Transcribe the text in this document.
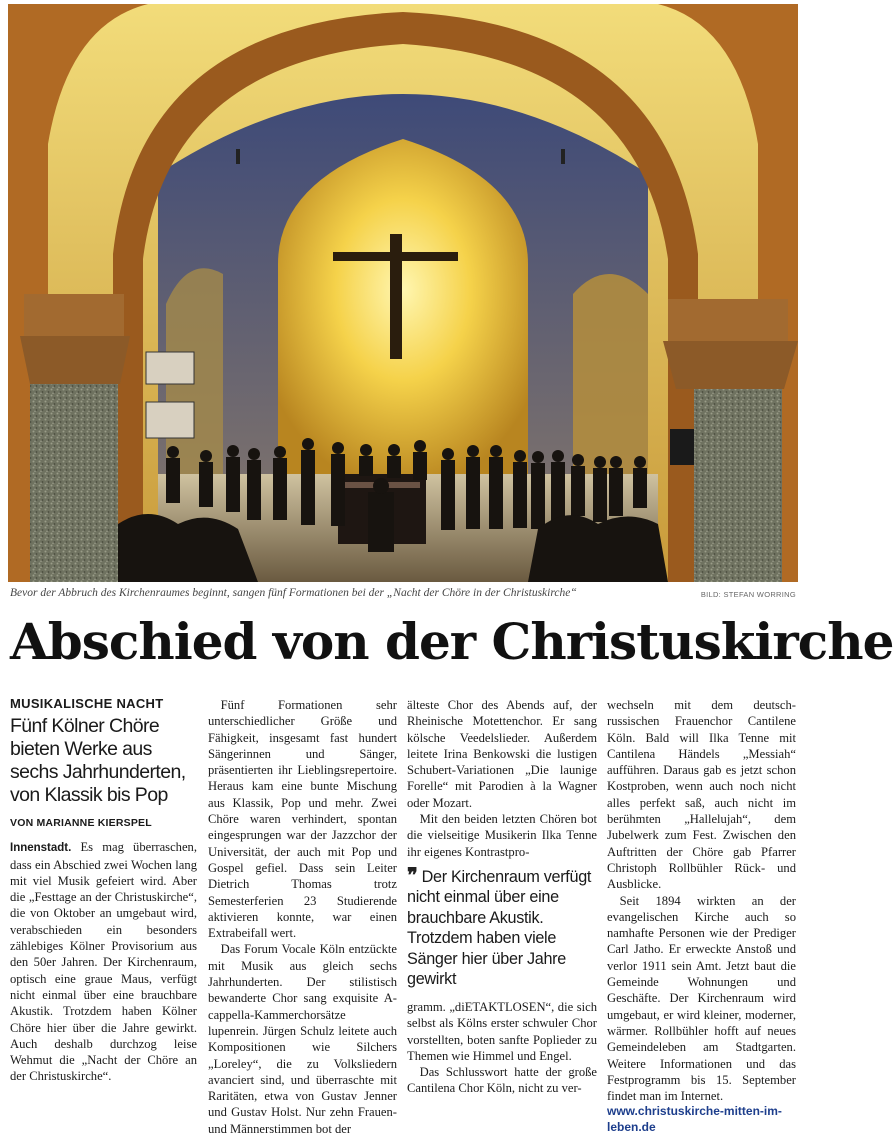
Bevor der Abbruch des Kirchenraumes beginnt, sangen fünf Formationen bei der „Nacht der Chöre in der Christuskirche“	BILD: STEFAN WORRING
Abschied von der Christuskirche
MUSIKALISCHE NACHT
Fünf Kölner Chöre bieten Werke aus sechs Jahrhunderten, von Klassik bis Pop
VON MARIANNE KIERSPEL

Innenstadt. Es mag überraschen, dass ein Abschied zwei Wochen lang mit viel Musik gefeiert wird. Aber die „Festtage an der Christuskirche“, die von Oktober an umgebaut wird, verabschieden ein besonders zählebiges Kölner Provisorium aus den 50er Jahren. Der Kirchenraum, optisch eine graue Maus, verfügt nicht einmal über eine brauchbare Akustik. Trotzdem haben Kölner Chöre hier über die Jahre gewirkt. Auch deshalb durchzog leise Wehmut die „Nacht der Chöre an der Christuskirche“.

Fünf Formationen sehr unterschiedlicher Größe und Fähigkeit, insgesamt fast hundert Sängerinnen und Sänger, präsentierten ihr Lieblingsrepertoire. Heraus kam eine bunte Mischung aus Klassik, Pop und mehr. Zwei Chöre waren verhindert, spontan eingesprungen war der Jazzchor der Universität, der auch mit Pop und Gospel gefiel. Dass sein Leiter Dietrich Thomas trotz Semesterferien 23 Studierende aktivieren konnte, war einen Extrabeifall wert.

Das Forum Vocale Köln entzückte mit Musik aus gleich sechs Jahrhunderten. Der stilistisch bewanderte Chor sang exquisite A-cappella-Kammerchorsätze lupenrein. Jürgen Schulz leitete auch Kompositionen wie Silchers „Loreley“, die zu Volksliedern avanciert sind, und überraschte mit Raritäten, etwa von Gustav Jenner und Gustav Holst. Nur zehn Frauen- und Männerstimmen bot der

älteste Chor des Abends auf, der Rheinische Motettenchor. Er sang kölsche Veedelslieder. Außerdem leitete Irina Benkowski die lustigen Schubert-Variationen „Die launige Forelle“ mit Parodien à la Wagner oder Mozart.

Mit den beiden letzten Chören bot die vielseitige Musikerin Ilka Tenne ihr eigenes Kontrastpro-

❞ Der Kirchenraum verfügt nicht einmal über eine brauchbare Akustik. Trotzdem haben viele Sänger hier über Jahre gewirkt

gramm. „diETAKTLOSEN“, die sich selbst als Kölns erster schwuler Chor vorstellten, boten sanfte Poplieder zu Themen wie Himmel und Engel.

Das Schlusswort hatte der große Cantilena Chor Köln, nicht zu ver-

wechseln mit dem deutsch-russischen Frauenchor Cantilene Köln. Bald will Ilka Tenne mit Cantilena Händels „Messiah“ aufführen. Daraus gab es jetzt schon Kostproben, wenn auch noch nicht alles perfekt saß, auch nicht im berühmten „Hallelujah“, dem Jubelwerk zum Fest. Zwischen den Auftritten der Chöre gab Pfarrer Christoph Rollbühler Rück- und Ausblicke.

Seit 1894 wirkten an der evangelischen Kirche auch so namhafte Personen wie der Prediger Carl Jatho. Er erweckte Anstoß und verlor 1911 sein Amt. Jetzt baut die Gemeinde Wohnungen und Geschäfte. Der Kirchenraum wird umgebaut, er wird kleiner, moderner, wärmer. Rollbühler hofft auf neues Gemeindeleben am Stadtgarten. Weitere Informationen und das Festprogramm bis 15. September findet man im Internet.

www.christuskirche-mitten-im-leben.de
